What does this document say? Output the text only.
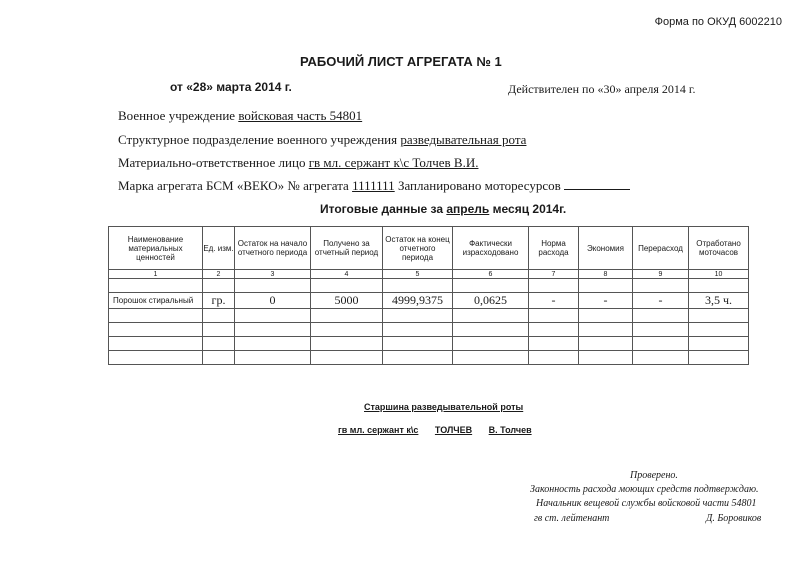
Форма по ОКУД 6002210
РАБОЧИЙ ЛИСТ АГРЕГАТА № 1
от «28» марта 2014 г.	Действителен по «30» апреля 2014 г.
Военное учреждение войсковая часть 54801
Структурное подразделение военного учреждения разведывательная рота
Материально-ответственное лицо гв мл. сержант к\с Толчев В.И.
Марка агрегата БСМ «ВЕКО» № агрегата 1111111 Запланировано моторесурсов
Итоговые данные за апрель месяц 2014г.
Наименование материальных ценностей	Ед. изм.	Остаток на начало отчетного периода	Получено за отчетный период	Остаток на конец отчетного периода	Фактически израсходовано	Норма расхода	Экономия	Перерасход	Отработано моточасов
1	2	3	4	5	6	7	8	9	10

Порошок стиральный	гр.	0	5000	4999,9375	0,0625	-	-	-	3,5 ч.

Старшина разведывательной роты
гв мл. сержант к\с ТОЛЧЕВ В. Толчев
Проверено.
Законность расхода моющих средств подтверждаю.
Начальник вещевой службы войсковой части 54801
гв ст. лейтенант	Д. Боровиков
